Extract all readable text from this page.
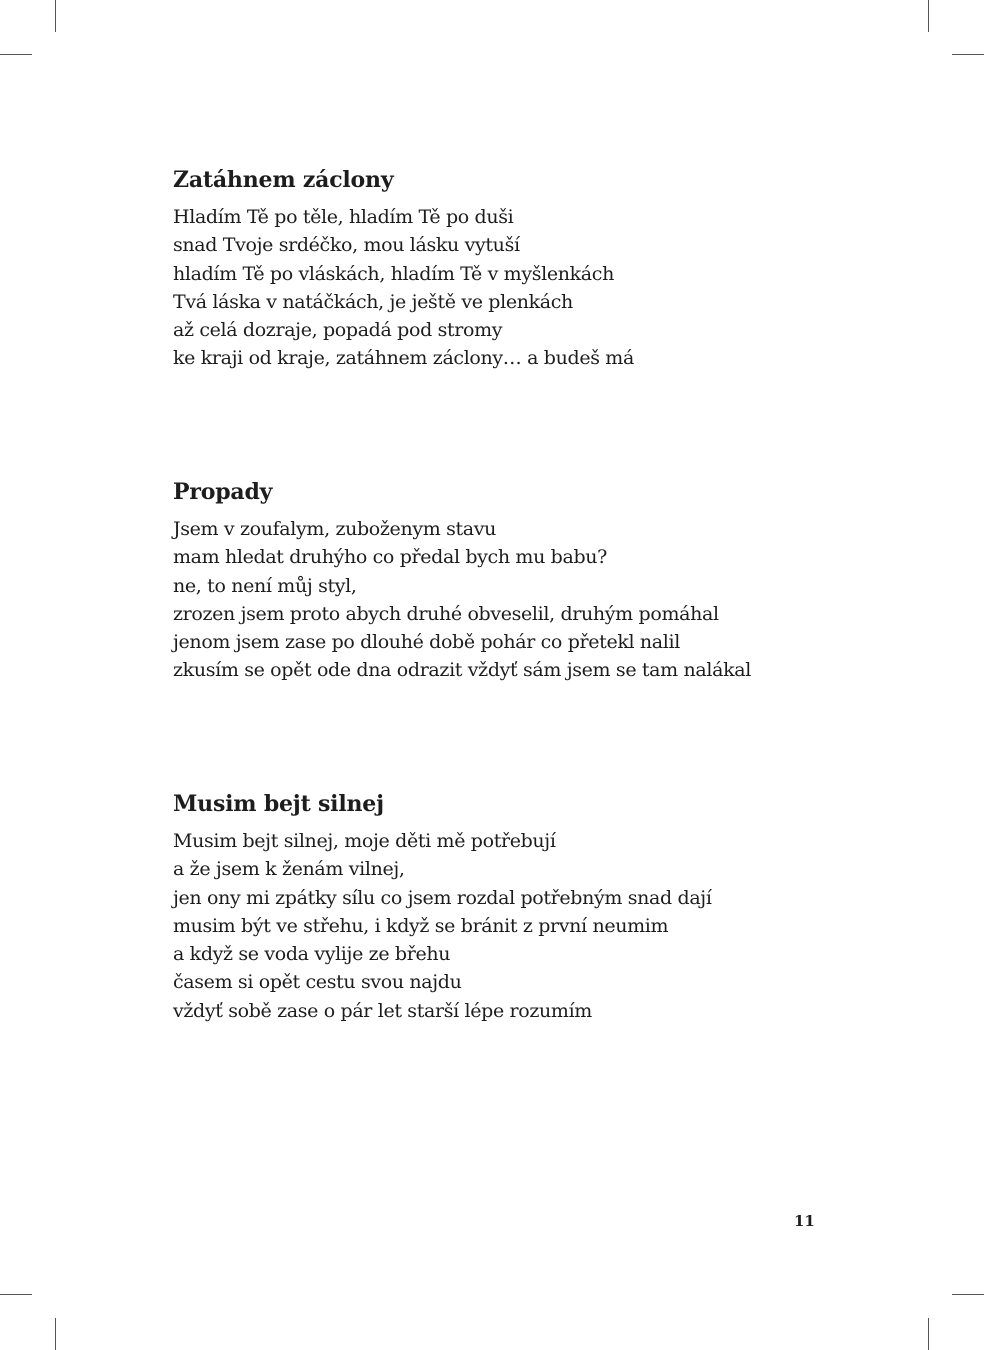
Zatáhnem záclony
Hladím Tě po těle, hladím Tě po duši
snad Tvoje srdéčko, mou lásku vytuší
hladím Tě po vláskách, hladím Tě v myšlenkách
Tvá láska v natáčkách, je ještě ve plenkách
až celá dozraje, popadá pod stromy
ke kraji od kraje, zatáhnem záclony… a budeš má
Propady
Jsem v zoufalym, zuboženym stavu
mam hledat druhýho co předal bych mu babu?
ne, to není můj styl,
zrozen jsem proto abych druhé obveselil, druhým pomáhal
jenom jsem zase po dlouhé době pohár co přetekl nalil
zkusím se opět ode dna odrazit vždyť sám jsem se tam nalákal
Musim bejt silnej
Musim bejt silnej, moje děti mě potřebují
a že jsem k ženám vilnej,
jen ony mi zpátky sílu co jsem rozdal potřebným snad dají
musim být ve střehu, i když se bránit z první neumim
a když se voda vylije ze břehu
časem si opět cestu svou najdu
vždyť sobě zase o pár let starší lépe rozumím
11
